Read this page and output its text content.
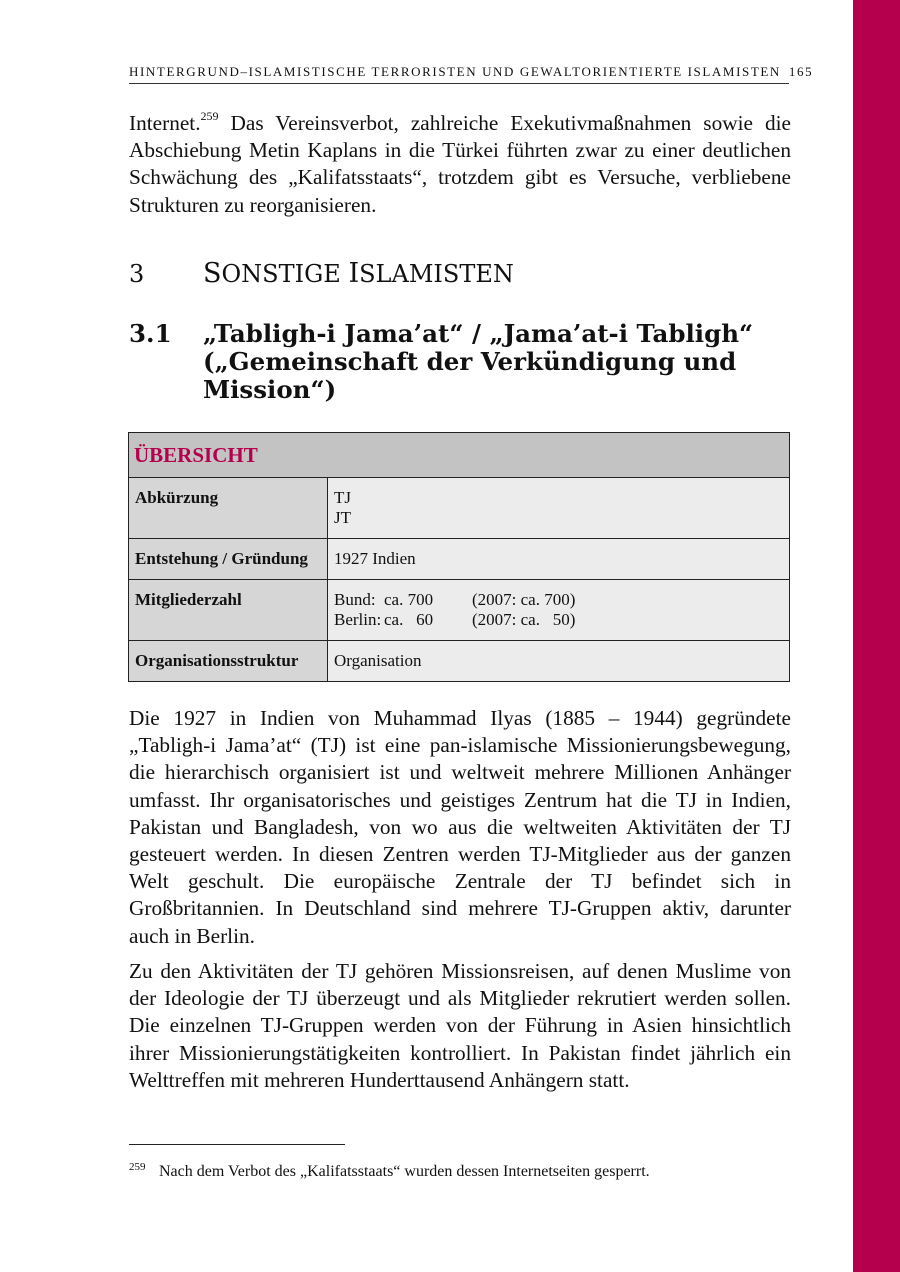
HINTERGRUND–ISLAMISTISCHE TERRORISTEN UND GEWALTORIENTIERTE ISLAMISTEN 165
Internet.$^{259}$ Das Vereinsverbot, zahlreiche Exekutivmaßnahmen sowie die Abschiebung Metin Kaplans in die Türkei führten zwar zu einer deutlichen Schwächung des „Kalifatsstaats“, trotzdem gibt es Versuche, verbliebene Strukturen zu reorganisieren.
3 SONSTIGE ISLAMISTEN
3.1 „Tabligh-i Jama’at“ / „Jama’at-i Tabligh“ („Gemeinschaft der Verkündigung und Mission“)
ÜBERSICHT	
Abkürzung	TJ
JT

Entstehung / Gründung	1927 Indien
Mitgliederzahl	Bund: ca. 700 (2007: ca. 700)
Berlin: ca.   60 (2007: ca.   50)

Organisationsstruktur	Organisation
Die 1927 in Indien von Muhammad Ilyas (1885 – 1944) gegründete „Tabligh-i Jama’at“ (TJ) ist eine pan-islamische Missionierungsbewegung, die hierarchisch organisiert ist und weltweit mehrere Millionen Anhänger umfasst. Ihr organisatorisches und geistiges Zentrum hat die TJ in Indien, Pakistan und Bangladesh, von wo aus die weltweiten Aktivitäten der TJ gesteuert werden. In diesen Zentren werden TJ-Mitglieder aus der ganzen Welt geschult. Die europäische Zentrale der TJ befindet sich in Großbritannien. In Deutschland sind mehrere TJ-Gruppen aktiv, darunter auch in Berlin.
Zu den Aktivitäten der TJ gehören Missionsreisen, auf denen Muslime von der Ideologie der TJ überzeugt und als Mitglieder rekrutiert werden sollen. Die einzelnen TJ-Gruppen werden von der Führung in Asien hinsichtlich ihrer Missionierungstätigkeiten kontrolliert. In Pakistan findet jährlich ein Welttreffen mit mehreren Hunderttausend Anhängern statt.
$^{259}$ Nach dem Verbot des „Kalifatsstaats“ wurden dessen Internetseiten gesperrt.
